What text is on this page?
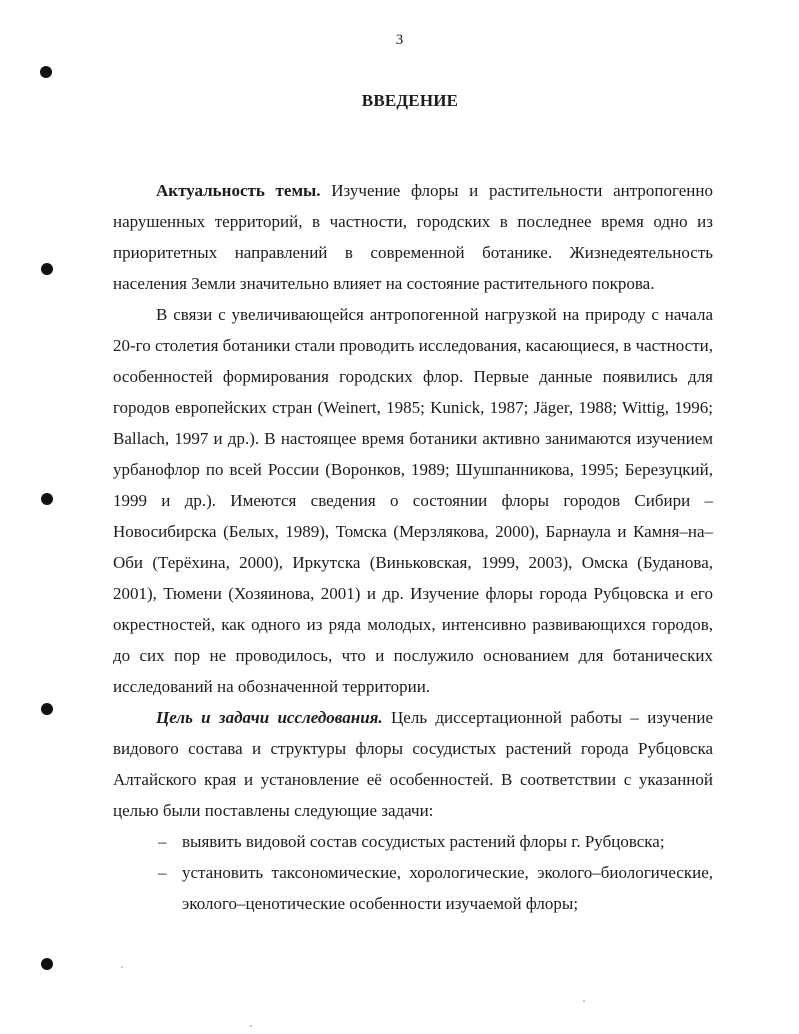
3
ВВЕДЕНИЕ

Актуальность темы. Изучение флоры и растительности антропогенно нарушенных территорий, в частности, городских в последнее время одно из приоритетных направлений в современной ботанике. Жизнедеятельность населения Земли значительно влияет на состояние растительного покрова.

В связи с увеличивающейся антропогенной нагрузкой на природу с начала 20-го столетия ботаники стали проводить исследования, касающиеся, в частности, особенностей формирования городских флор. Первые данные появились для городов европейских стран (Weinert, 1985; Kunick, 1987; Jäger, 1988; Wittig, 1996; Ballach, 1997 и др.). В настоящее время ботаники активно занимаются изучением урбанофлор по всей России (Воронков, 1989; Шушпанникова, 1995; Березуцкий, 1999 и др.). Имеются сведения о состоянии флоры городов Сибири – Новосибирска (Белых, 1989), Томска (Мерзлякова, 2000), Барнаула и Камня–на–Оби (Терёхина, 2000), Иркутска (Виньковская, 1999, 2003), Омска (Буданова, 2001), Тюмени (Хозяинова, 2001) и др. Изучение флоры города Рубцовска и его окрестностей, как одного из ряда молодых, интенсивно развивающихся городов, до сих пор не проводилось, что и послужило основанием для ботанических исследований на обозначенной территории.

Цель и задачи исследования. Цель диссертационной работы – изучение видового состава и структуры флоры сосудистых растений города Рубцовска Алтайского края и установление её особенностей. В соответствии с указанной целью были поставлены следующие задачи:

– выявить видовой состав сосудистых растений флоры г. Рубцовска;
– установить таксономические, хорологические, эколого–биологические, эколого–ценотические особенности изучаемой флоры;
